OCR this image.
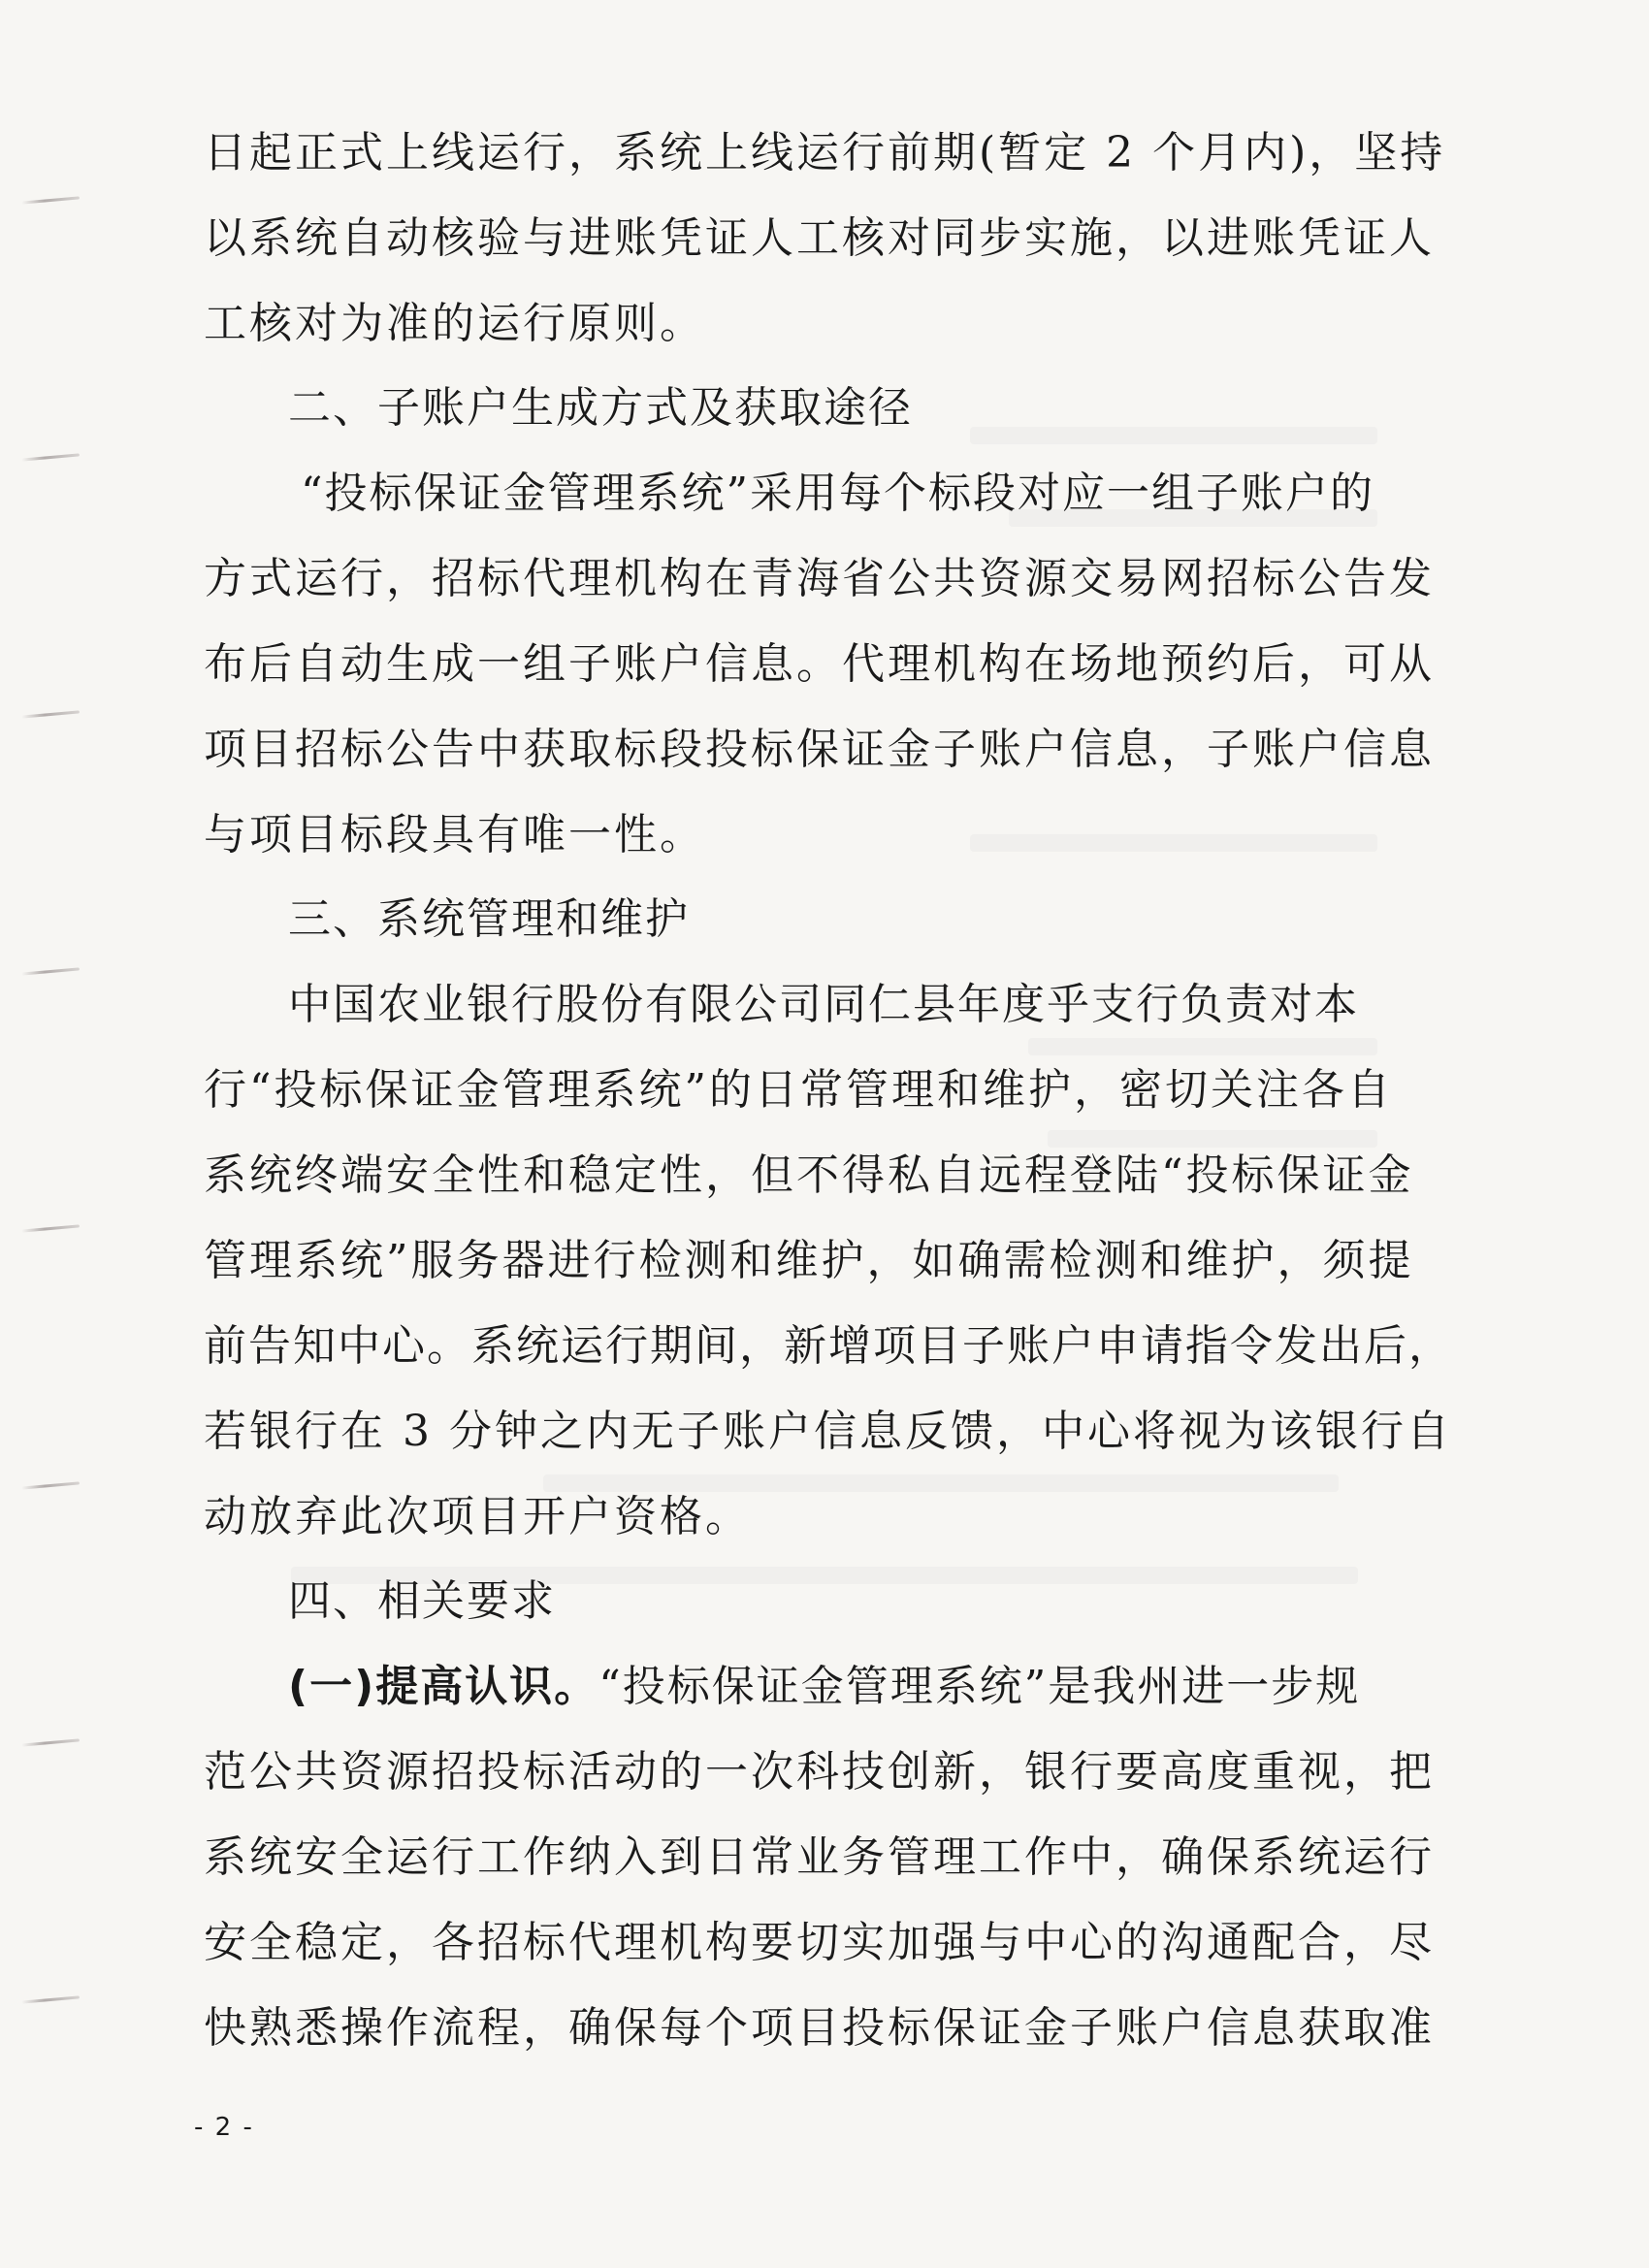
日起正式上线运行，系统上线运行前期(暂定 2 个月内)，坚持
以系统自动核验与进账凭证人工核对同步实施，以进账凭证人
工核对为准的运行原则。
二、子账户生成方式及获取途径
“投标保证金管理系统”采用每个标段对应一组子账户的
方式运行，招标代理机构在青海省公共资源交易网招标公告发
布后自动生成一组子账户信息。代理机构在场地预约后，可从
项目招标公告中获取标段投标保证金子账户信息，子账户信息
与项目标段具有唯一性。
三、系统管理和维护
中国农业银行股份有限公司同仁县年度乎支行负责对本
行“投标保证金管理系统”的日常管理和维护，密切关注各自
系统终端安全性和稳定性，但不得私自远程登陆“投标保证金
管理系统”服务器进行检测和维护，如确需检测和维护，须提
前告知中心。系统运行期间，新增项目子账户申请指令发出后，
若银行在 3 分钟之内无子账户信息反馈，中心将视为该银行自
动放弃此次项目开户资格。
四、相关要求
(一)提高认识。“投标保证金管理系统”是我州进一步规
范公共资源招投标活动的一次科技创新，银行要高度重视，把
系统安全运行工作纳入到日常业务管理工作中，确保系统运行
安全稳定，各招标代理机构要切实加强与中心的沟通配合，尽
快熟悉操作流程，确保每个项目投标保证金子账户信息获取准
- 2 -
